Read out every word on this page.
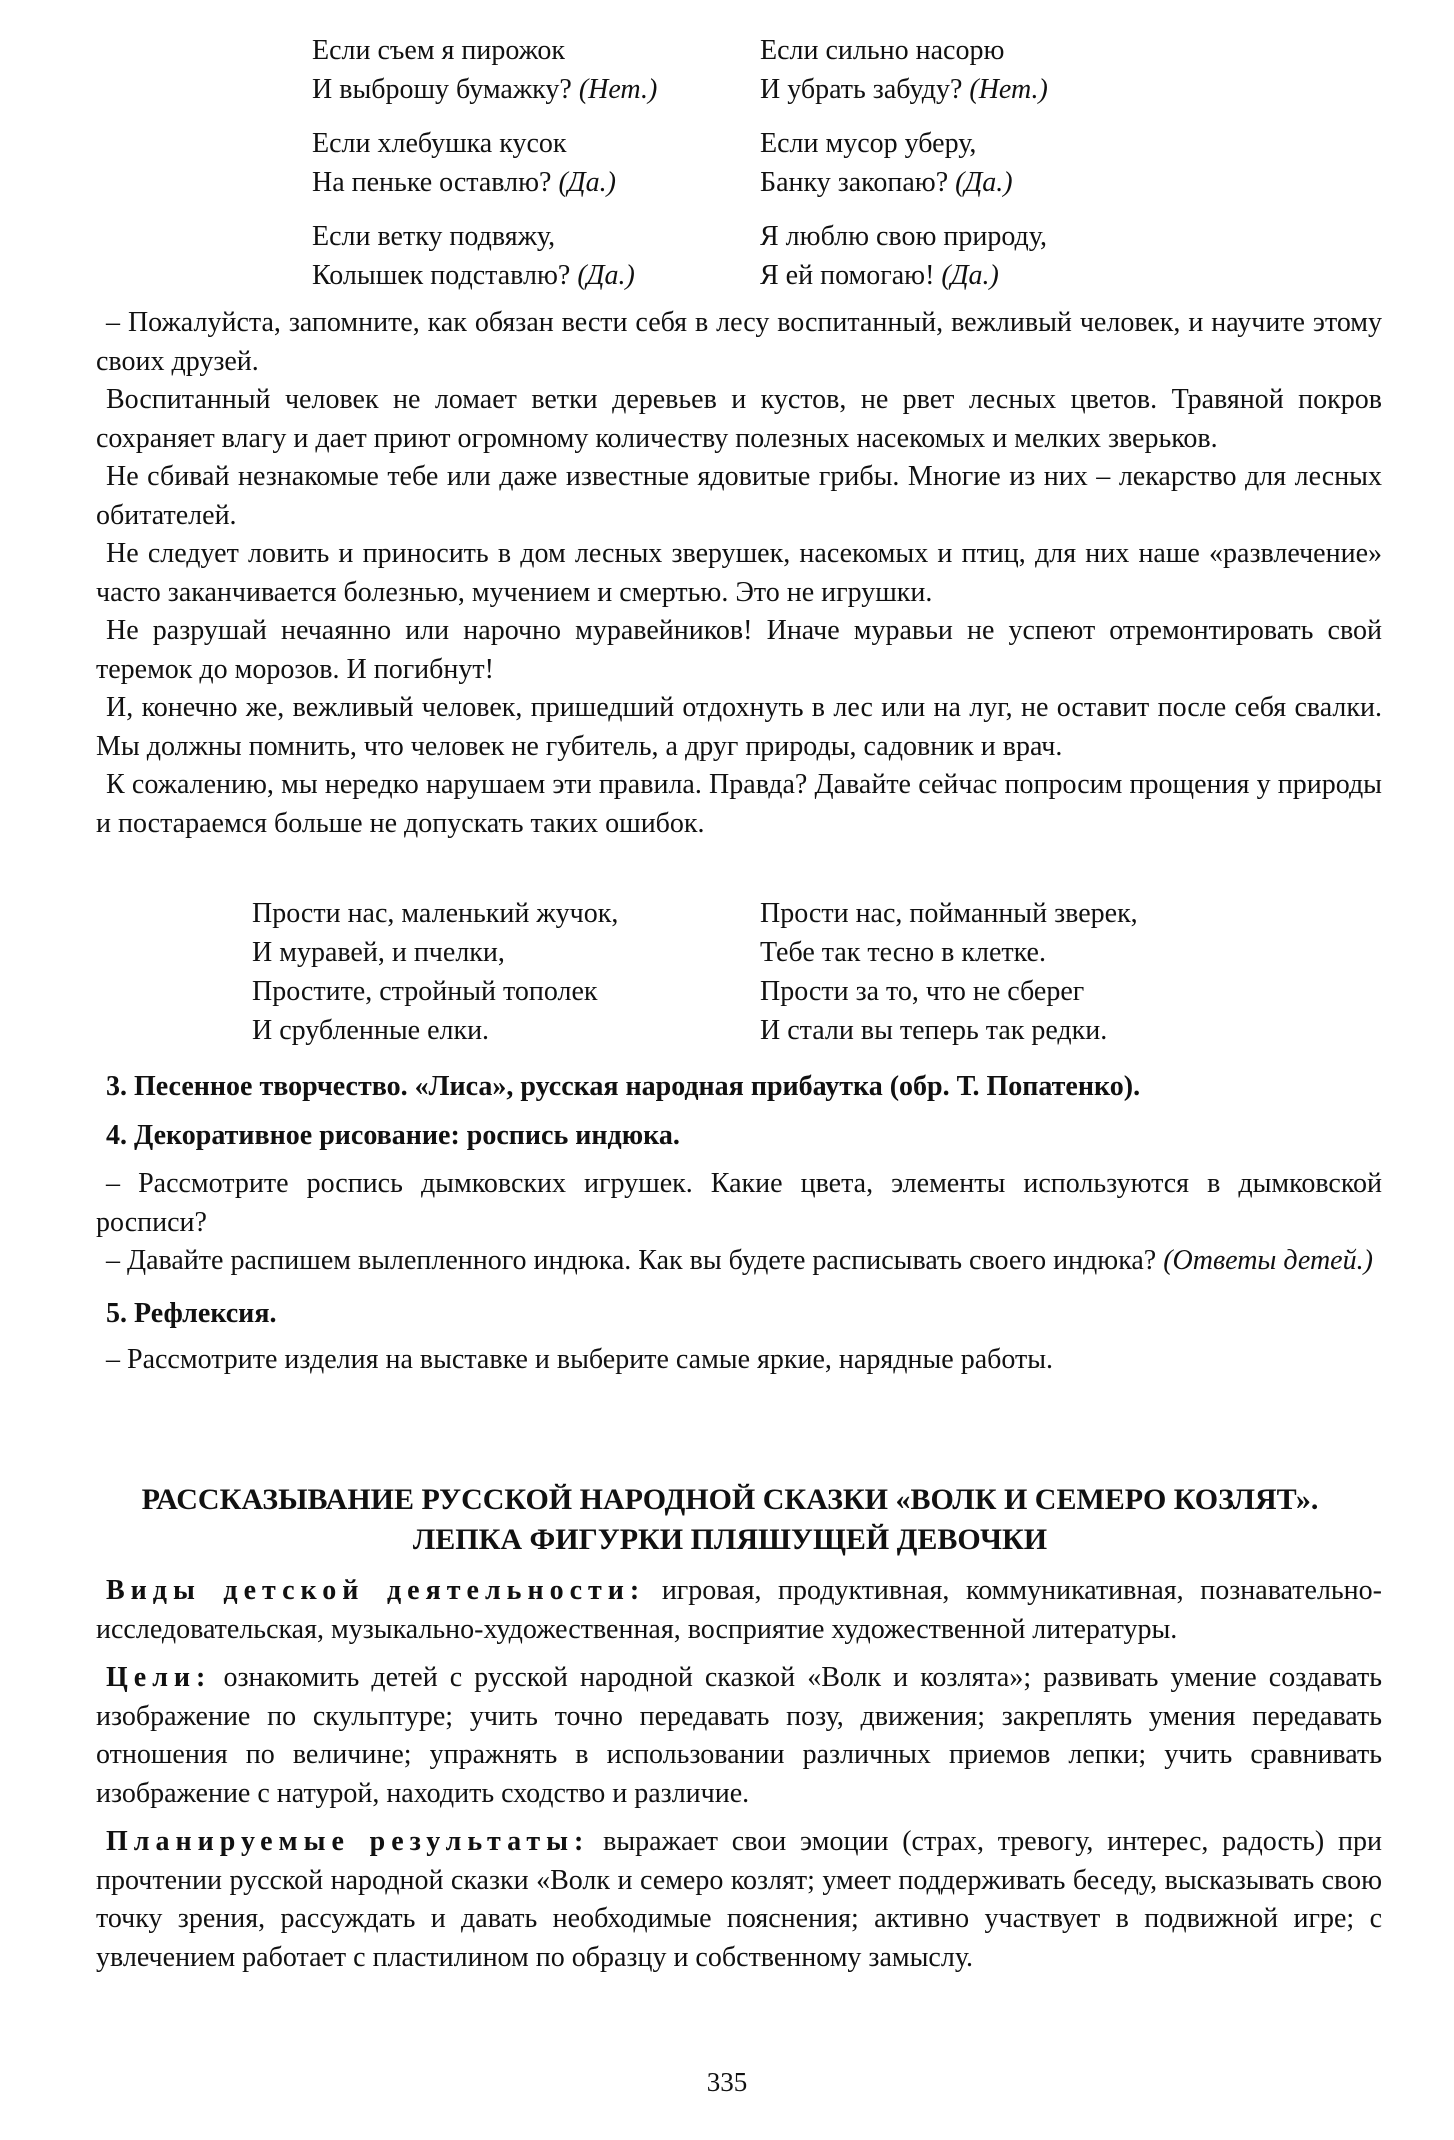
Если съем я пирожок
И выброшу бумажку? (Нет.)
Если хлебушка кусок
На пеньке оставлю? (Да.)
Если ветку подвяжу,
Колышек подставлю? (Да.)
Если сильно насорю
И убрать забуду? (Нет.)
Если мусор уберу,
Банку закопаю? (Да.)
Я люблю свою природу,
Я ей помогаю! (Да.)

– Пожалуйста, запомните, как обязан вести себя в лесу воспитанный, вежливый человек, и научите этому своих друзей.

Воспитанный человек не ломает ветки деревьев и кустов, не рвет лесных цветов. Травяной покров сохраняет влагу и дает приют огромному количеству полезных насекомых и мелких зверьков.

Не сбивай незнакомые тебе или даже известные ядовитые грибы. Многие из них – лекарство для лесных обитателей.

Не следует ловить и приносить в дом лесных зверушек, насекомых и птиц, для них наше «развлечение» часто заканчивается болезнью, мучением и смертью. Это не игрушки.

Не разрушай нечаянно или нарочно муравейников! Иначе муравьи не успеют отремонтировать свой теремок до морозов. И погибнут!

И, конечно же, вежливый человек, пришедший отдохнуть в лес или на луг, не оставит после себя свалки. Мы должны помнить, что человек не губитель, а друг природы, садовник и врач.

К сожалению, мы нередко нарушаем эти правила. Правда? Давайте сейчас попросим прощения у природы и постараемся больше не допускать таких ошибок.

Прости нас, маленький жучок,
И муравей, и пчелки,
Простите, стройный тополек
И срубленные елки.
Прости нас, пойманный зверек,
Тебе так тесно в клетке.
Прости за то, что не сберег
И стали вы теперь так редки.

3. Песенное творчество. «Лиса», русская народная прибаутка (обр. Т. Попатенко).

4. Декоративное рисование: роспись индюка.

– Рассмотрите роспись дымковских игрушек. Какие цвета, элементы используются в дымковской росписи?

– Давайте распишем вылепленного индюка. Как вы будете расписывать своего индюка? (Ответы детей.)

5. Рефлексия.

– Рассмотрите изделия на выставке и выберите самые яркие, нарядные работы.

РАССКАЗЫВАНИЕ РУССКОЙ НАРОДНОЙ СКАЗКИ «ВОЛК И СЕМЕРО КОЗЛЯТ».
ЛЕПКА ФИГУРКИ ПЛЯШУЩЕЙ ДЕВОЧКИ

Виды детской деятельности: игровая, продуктивная, коммуникативная, познавательно-исследовательская, музыкально-художественная, восприятие художественной литературы.

Цели: ознакомить детей с русской народной сказкой «Волк и козлята»; развивать умение создавать изображение по скульптуре; учить точно передавать позу, движения; закреплять умения передавать отношения по величине; упражнять в использовании различных приемов лепки; учить сравнивать изображение с натурой, находить сходство и различие.

Планируемые результаты: выражает свои эмоции (страх, тревогу, интерес, радость) при прочтении русской народной сказки «Волк и семеро козлят; умеет поддерживать беседу, высказывать свою точку зрения, рассуждать и давать необходимые пояснения; активно участвует в подвижной игре; с увлечением работает с пластилином по образцу и собственному замыслу.

335
